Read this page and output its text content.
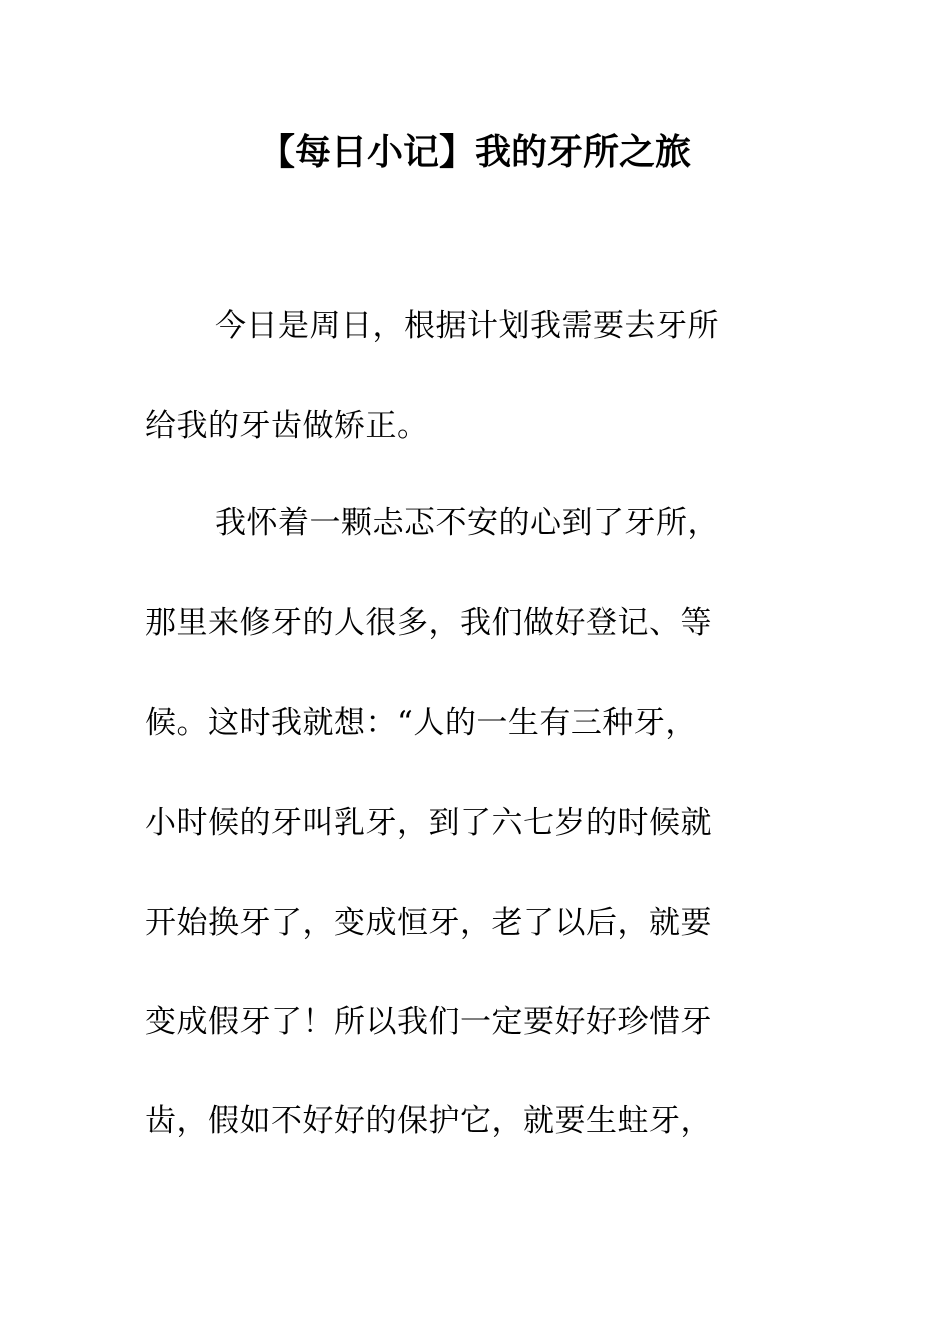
【每日小记】我的牙所之旅

今日是周日，根据计划我需要去牙所

给我的牙齿做矫正。

我怀着一颗忐忑不安的心到了牙所，

那里来修牙的人很多，我们做好登记、等

候。这时我就想：“人的一生有三种牙，

小时候的牙叫乳牙，到了六七岁的时候就

开始换牙了，变成恒牙，老了以后，就要

变成假牙了！所以我们一定要好好珍惜牙

齿，假如不好好的保护它，就要生蛀牙，
